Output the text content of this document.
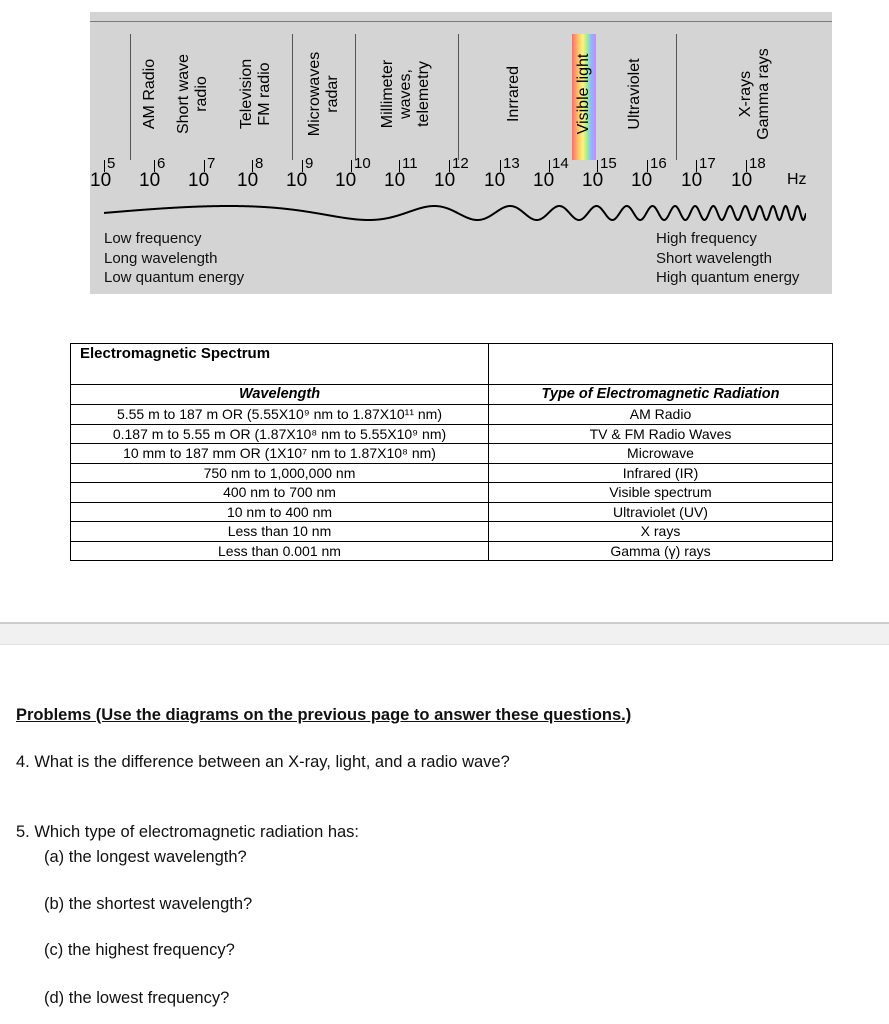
AM Radio Short wave
radio Television
FM radio Microwaves
radar Millimeter
waves,
telemetry	Inrrared	Visible light Ultraviolet	X-rays
Gamma rays
5	6	7	8	9	10 11 12 13 14 15 16 17 18
10 10 10 10 10 10 10 10 10 10 10 10 10 10 Hz
Low frequency
Long wavelength
Low quantum energy
High frequency
Short wavelength
High quantum energy
Electromagnetic Spectrum	
Wavelength	Type of Electromagnetic Radiation
5.55 m to 187 m OR (5.55X10⁹ nm to 1.87X10¹¹ nm)	AM Radio
0.187 m to 5.55 m OR (1.87X10⁸ nm to 5.55X10⁹ nm)	TV & FM Radio Waves
10 mm to 187 mm OR (1X10⁷ nm to 1.87X10⁸ nm)	Microwave
750 nm to 1,000,000 nm	Infrared (IR)
400 nm to 700 nm	Visible spectrum
10 nm to 400 nm	Ultraviolet (UV)
Less than 10 nm	X rays
Less than 0.001 nm	Gamma (γ) rays
Problems (Use the diagrams on the previous page to answer these questions.)
4. What is the difference between an X-ray, light, and a radio wave?
5. Which type of electromagnetic radiation has:
(a) the longest wavelength?
(b) the shortest wavelength?
(c) the highest frequency?
(d) the lowest frequency?
